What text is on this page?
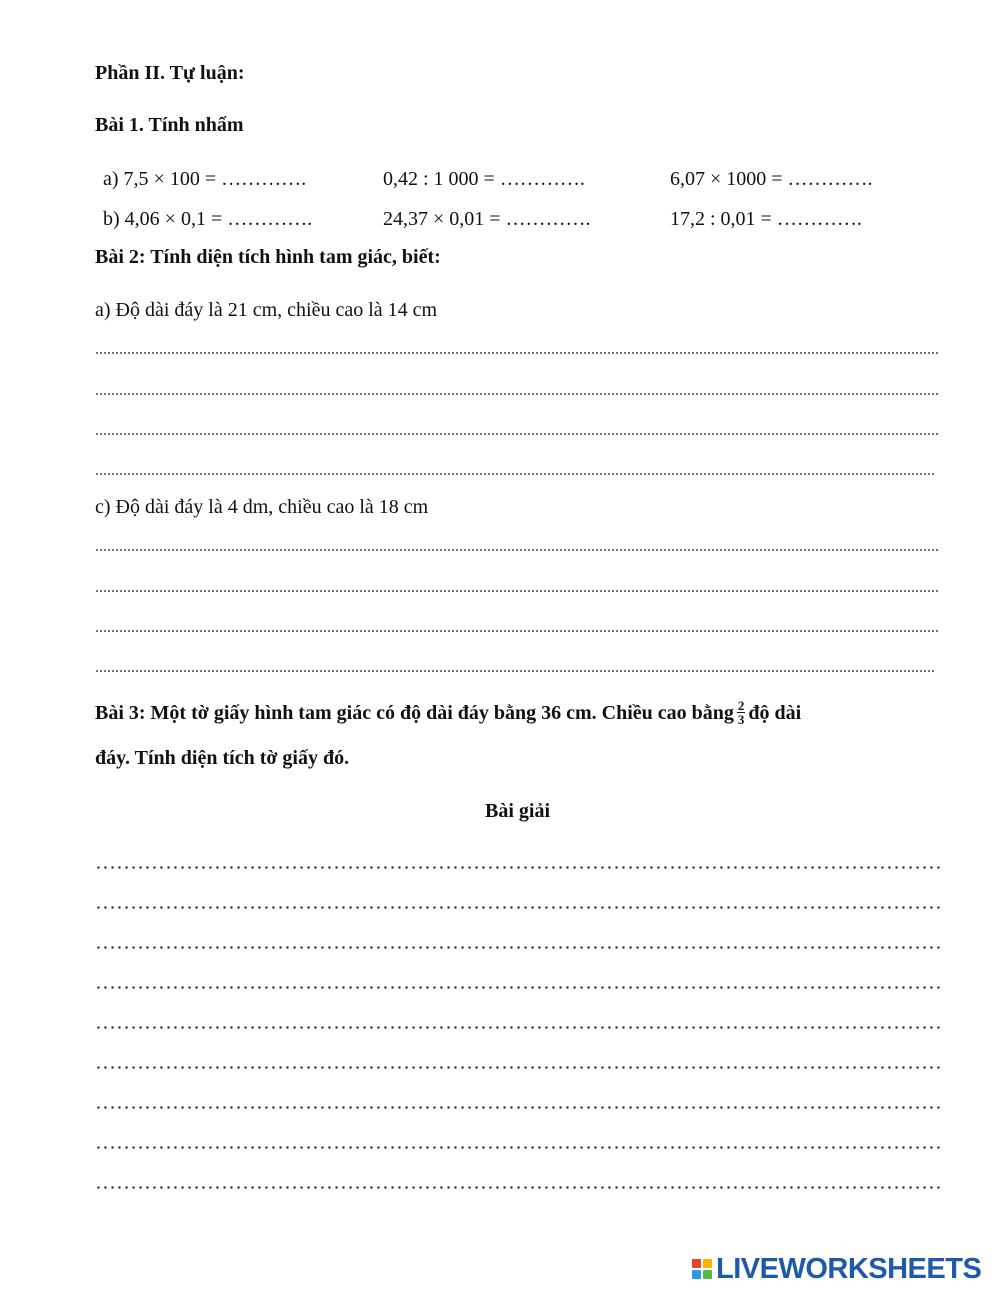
Phần II. Tự luận:
Bài 1. Tính nhẩm
a) 7,5 × 100 = ………….	0,42 : 1 000 = ………….	6,07 × 1000 = ………….
b) 4,06 × 0,1 = ………….	24,37 × 0,01 = ………….	17,2 : 0,01 = ………….
Bài 2: Tính diện tích hình tam giác, biết:
a) Độ dài đáy là 21 cm, chiều cao là 14 cm
c) Độ dài đáy là 4 dm, chiều cao là 18 cm
Bài 3: Một tờ giấy hình tam giác có độ dài đáy bằng 36 cm. Chiều cao bằng $\frac{2}{3}$ độ dài
đáy. Tính diện tích tờ giấy đó.
Bài giải
LIVEWORKSHEETS
